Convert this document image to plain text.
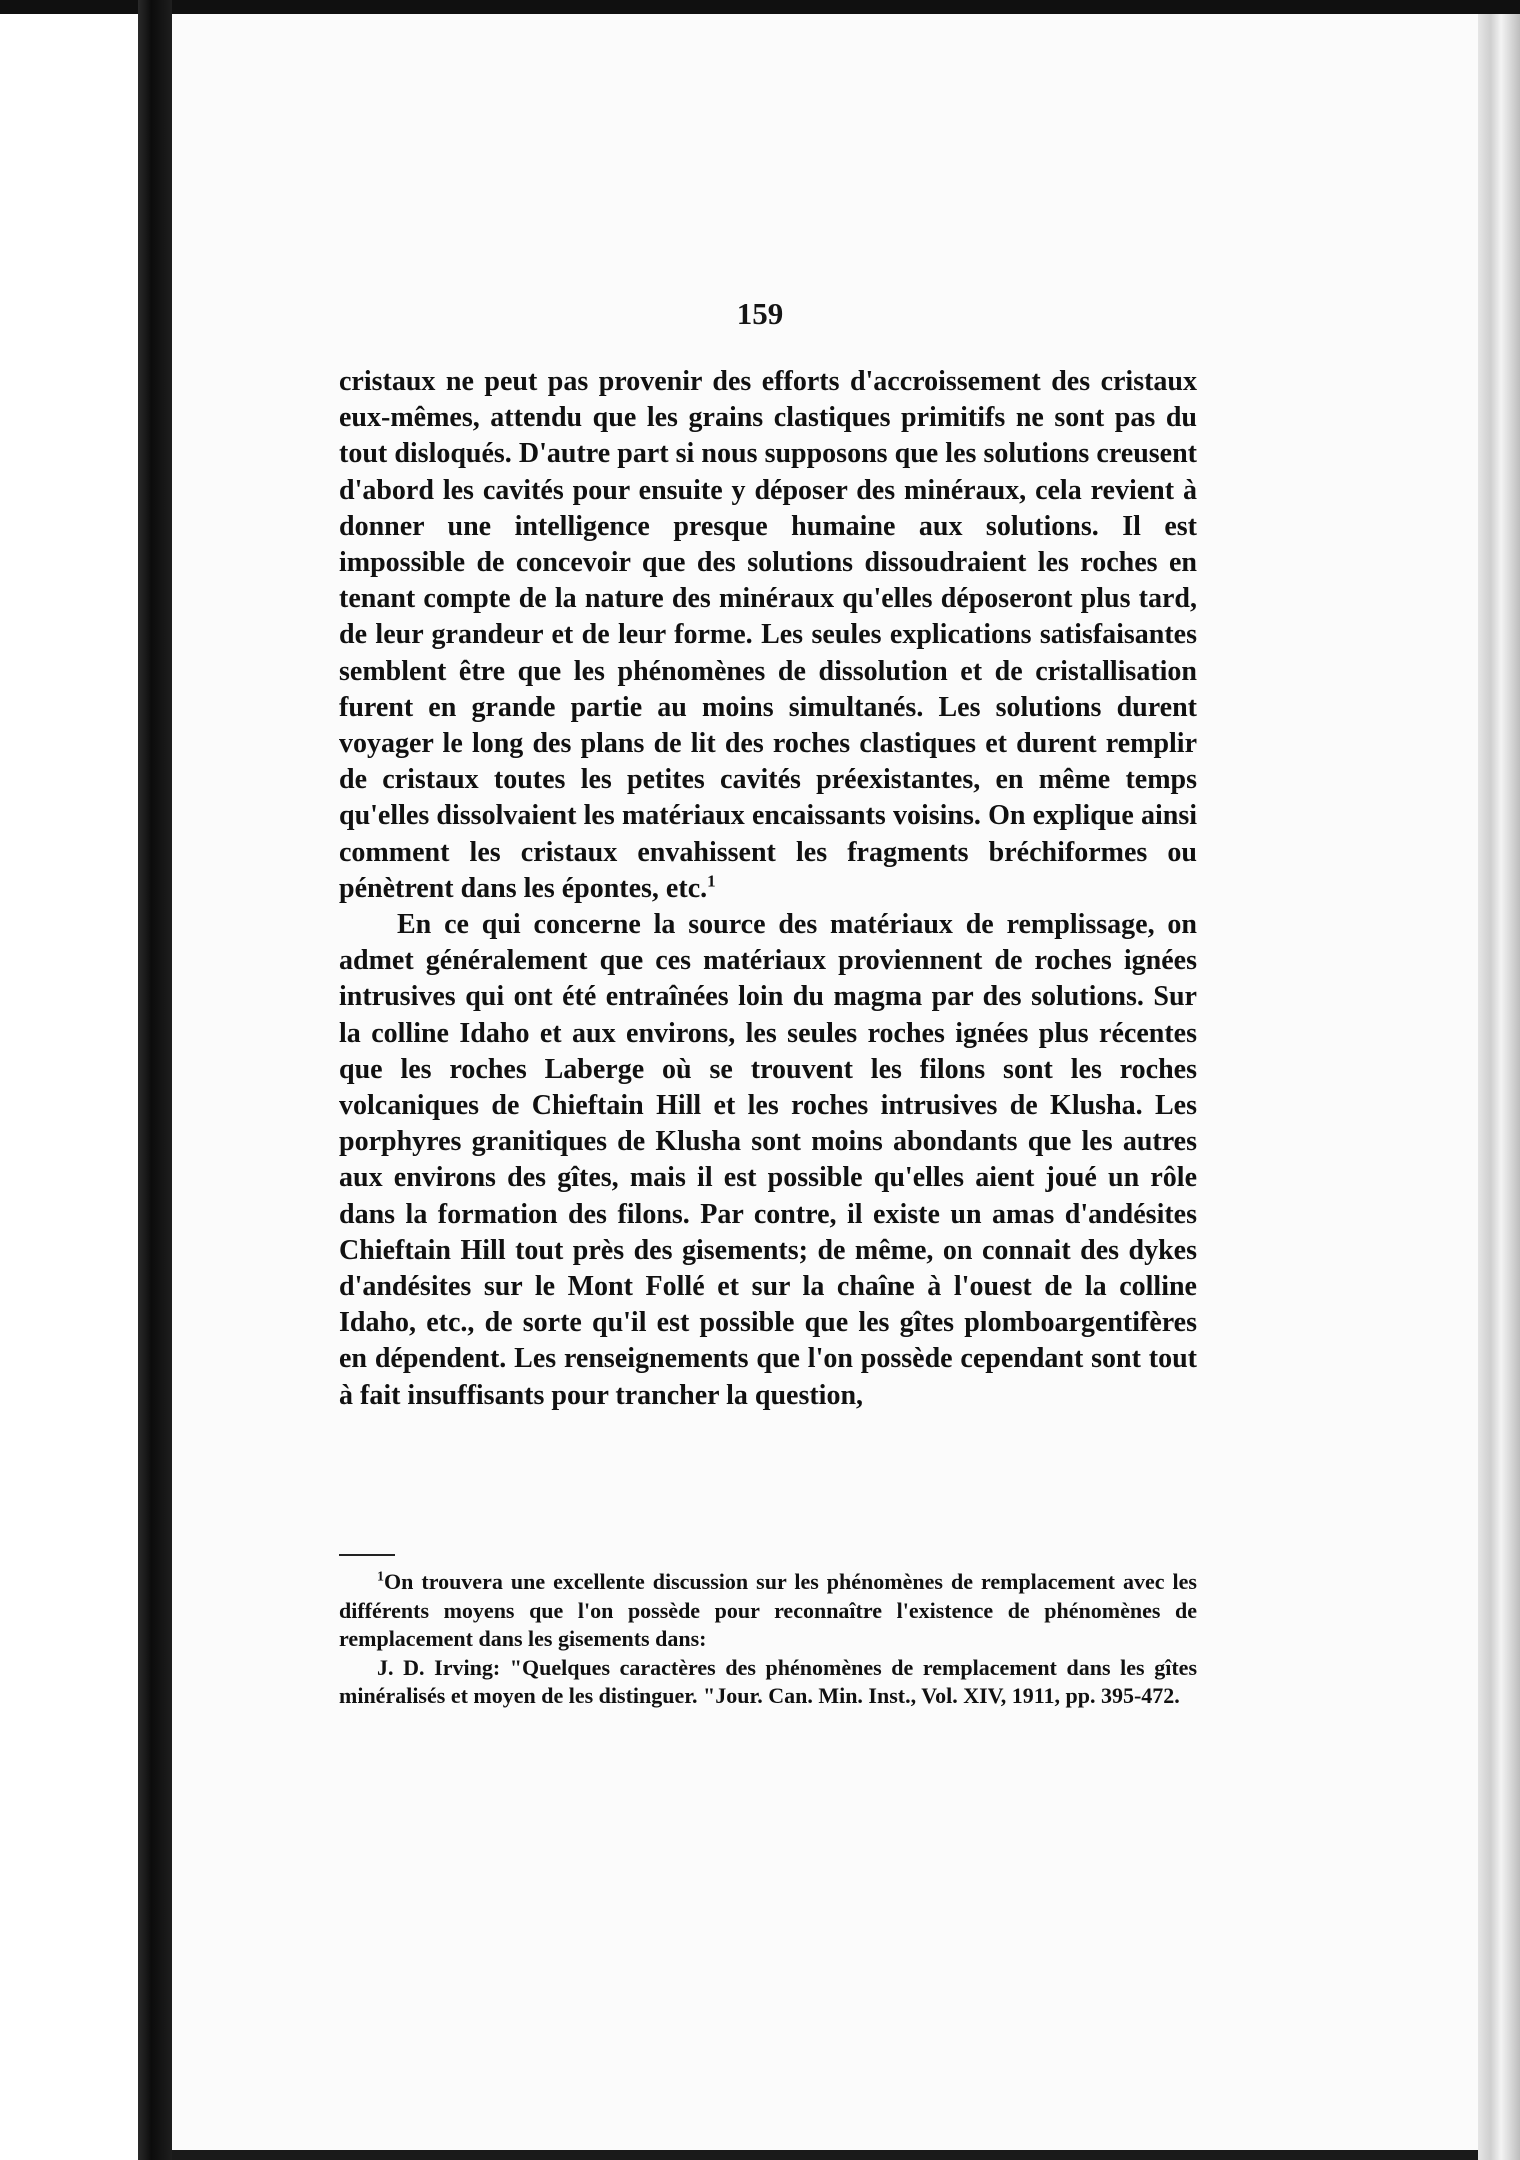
159

cristaux ne peut pas provenir des efforts d'accroissement des cristaux eux-mêmes, attendu que les grains clastiques primitifs ne sont pas du tout disloqués. D'autre part si nous supposons que les solutions creusent d'abord les cavités pour ensuite y déposer des minéraux, cela revient à donner une intelligence presque humaine aux solutions. Il est impossible de concevoir que des solutions dissoudraient les roches en tenant compte de la nature des minéraux qu'elles déposeront plus tard, de leur grandeur et de leur forme. Les seules explications satisfaisantes semblent être que les phénomènes de dissolution et de cristallisation furent en grande partie au moins simultanés. Les solutions durent voyager le long des plans de lit des roches clastiques et durent remplir de cristaux toutes les petites cavités préexistantes, en même temps qu'elles dissolvaient les matériaux encaissants voisins. On explique ainsi comment les cristaux envahissent les fragments bréchiformes ou pénètrent dans les épontes, etc.$^1$

En ce qui concerne la source des matériaux de remplissage, on admet généralement que ces matériaux proviennent de roches ignées intrusives qui ont été entraînées loin du magma par des solutions. Sur la colline Idaho et aux environs, les seules roches ignées plus récentes que les roches Laberge où se trouvent les filons sont les roches volcaniques de Chieftain Hill et les roches intrusives de Klusha. Les porphyres granitiques de Klusha sont moins abondants que les autres aux environs des gîtes, mais il est possible qu'elles aient joué un rôle dans la formation des filons. Par contre, il existe un amas d'andésites Chieftain Hill tout près des gisements; de même, on connait des dykes d'andésites sur le Mont Follé et sur la chaîne à l'ouest de la colline Idaho, etc., de sorte qu'il est possible que les gîtes plomboargentifères en dépendent. Les renseignements que l'on possède cependant sont tout à fait insuffisants pour trancher la question,

$^1$On trouvera une excellente discussion sur les phénomènes de remplacement avec les différents moyens que l'on possède pour reconnaître l'existence de phénomènes de remplacement dans les gisements dans:

J. D. Irving: "Quelques caractères des phénomènes de remplacement dans les gîtes minéralisés et moyen de les distinguer. "Jour. Can. Min. Inst., Vol. XIV, 1911, pp. 395-472.
